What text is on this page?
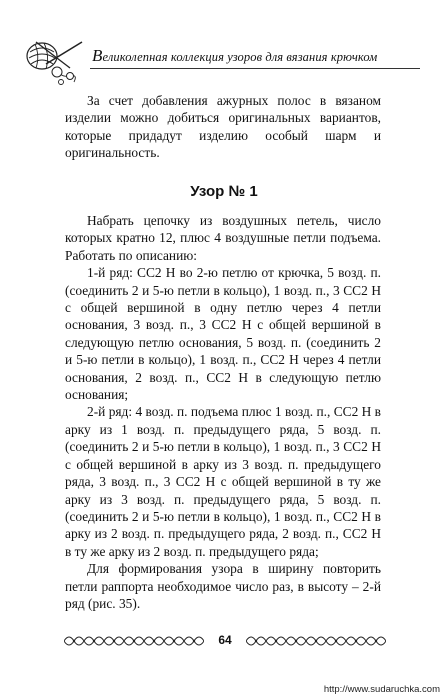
Великолепная коллекция узоров для вязания крючком

За счет добавления ажурных полос в вязаном изделии можно добиться оригинальных вариантов, которые придадут изделию особый шарм и оригинальность.

Узор № 1

Набрать цепочку из воздушных петель, число которых кратно 12, плюс 4 воздушные петли подъема. Работать по описанию:

1-й ряд: СС2 Н во 2-ю петлю от крючка, 5 возд. п. (соединить 2 и 5-ю петли в кольцо), 1 возд. п., 3 СС2 Н с общей вершиной в одну петлю через 4 петли основания, 3 возд. п., 3 СС2 Н с общей вершиной в следующую петлю основания, 5 возд. п. (соединить 2 и 5-ю петли в кольцо), 1 возд. п., СС2 Н через 4 петли основания, 2 возд. п., СС2 Н в следующую петлю основания;

2-й ряд: 4 возд. п. подъема плюс 1 возд. п., СС2 Н в арку из 1 возд. п. предыдущего ряда, 5 возд. п. (соединить 2 и 5-ю петли в кольцо), 1 возд. п., 3 СС2 Н с общей вершиной в арку из 3 возд. п. предыдущего ряда, 3 возд. п., 3 СС2 Н с общей вершиной в ту же арку из 3 возд. п. предыдущего ряда, 5 возд. п. (соединить 2 и 5-ю петли в кольцо), 1 возд. п., СС2 Н в арку из 2 возд. п. предыдущего ряда, 2 возд. п., СС2 Н в ту же арку из 2 возд. п. предыдущего ряда;

Для формирования узора в ширину повторить петли раппорта необходимое число раз, в высоту – 2-й ряд (рис. 35).

64
http://www.sudaruchka.com
